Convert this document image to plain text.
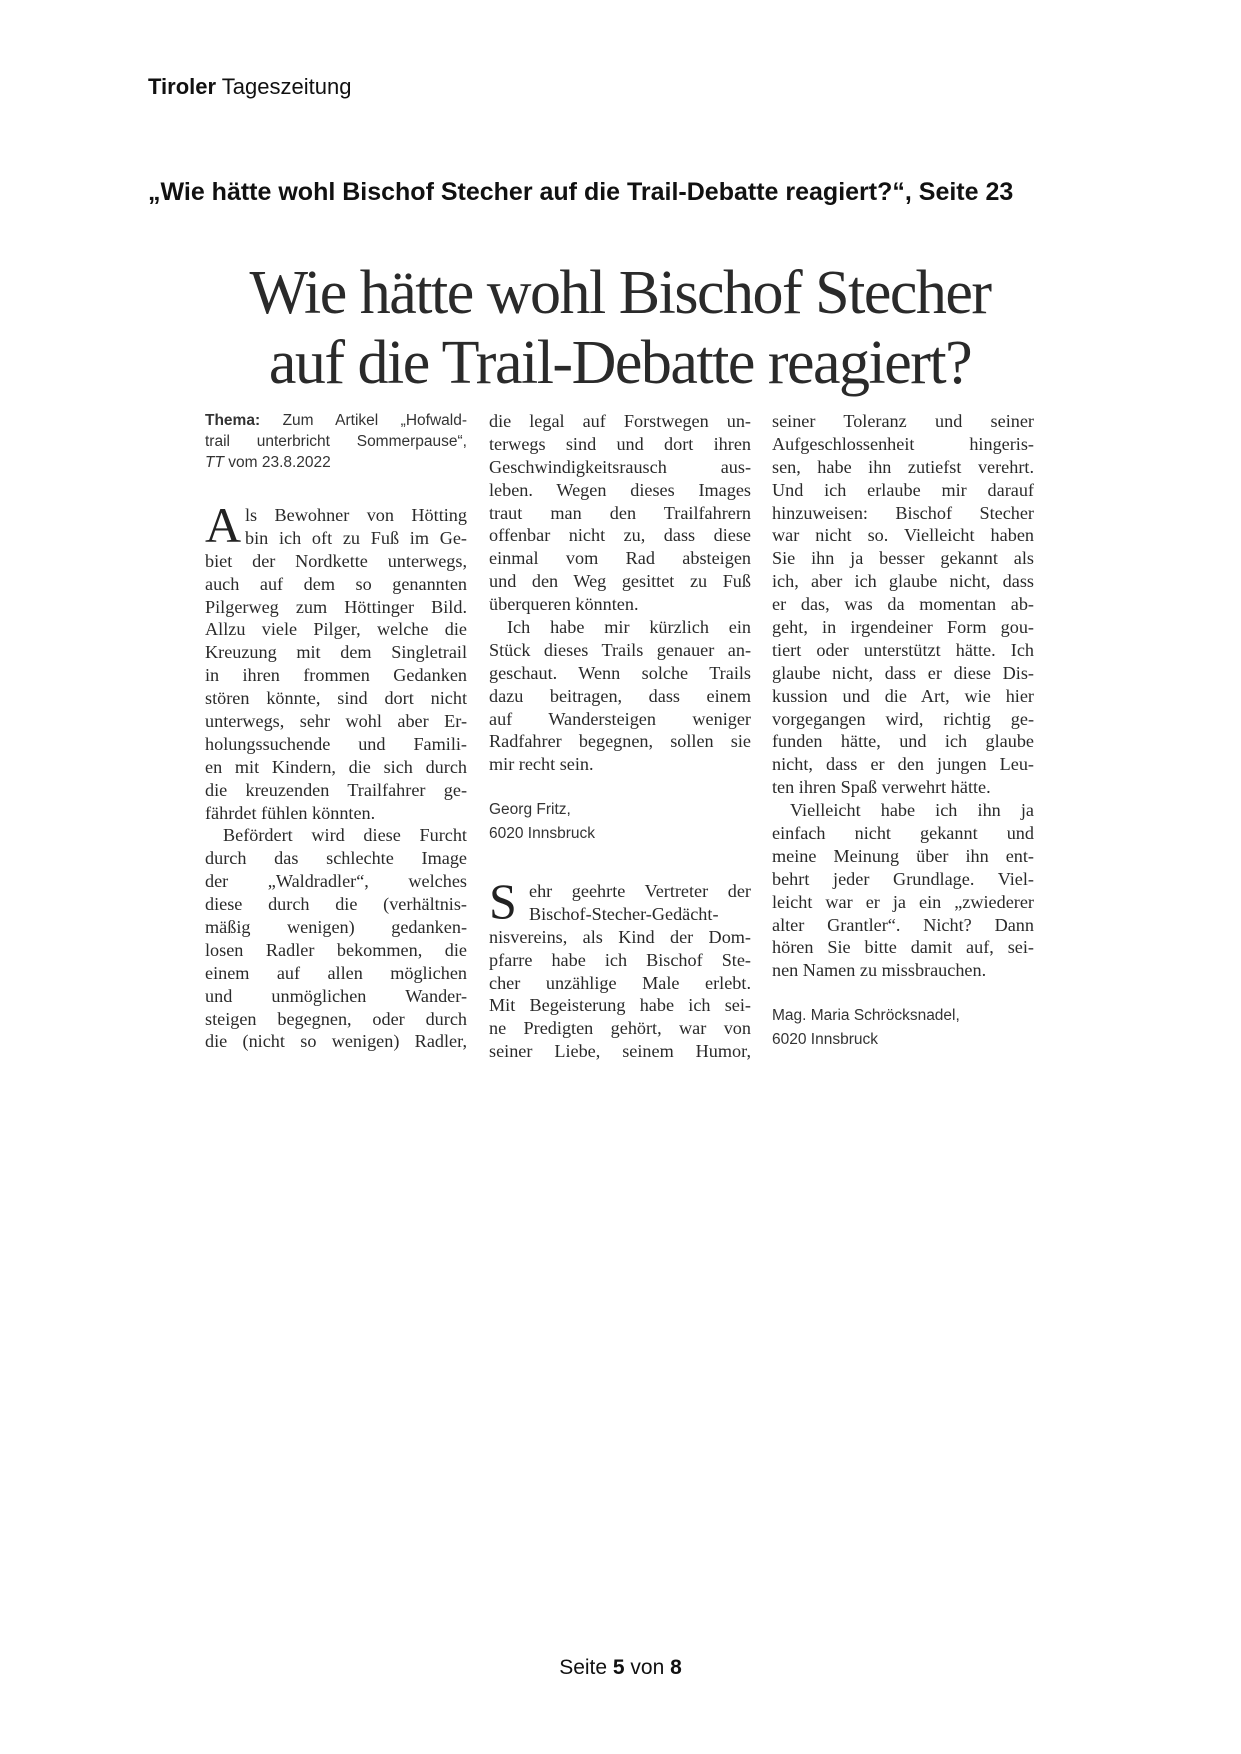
Tiroler Tageszeitung
„Wie hätte wohl Bischof Stecher auf die Trail-Debatte reagiert?“, Seite 23
Wie hätte wohl Bischof Stecher
auf die Trail-Debatte reagiert?
Thema: Zum Artikel „Hofwald-
trail unterbricht Sommerpause“,
TT vom 23.8.2022
A ls Bewohner von Hötting
bin ich oft zu Fuß im Ge-
biet der Nordkette unterwegs,
auch auf dem so genannten
Pilgerweg zum Höttinger Bild.
Allzu viele Pilger, welche die
Kreuzung mit dem Singletrail
in ihren frommen Gedanken
stören könnte, sind dort nicht
unterwegs, sehr wohl aber Er-
holungssuchende und Famili-
en mit Kindern, die sich durch
die kreuzenden Trailfahrer ge-
fährdet fühlen könnten.
Befördert wird diese Furcht
durch das schlechte Image
der „Waldradler“, welches
diese durch die (verhältnis-
mäßig wenigen) gedanken-
losen Radler bekommen, die
einem auf allen möglichen
und unmöglichen Wander-
steigen begegnen, oder durch
die (nicht so wenigen) Radler,
die legal auf Forstwegen un-
terwegs sind und dort ihren
Geschwindigkeitsrausch aus-
leben. Wegen dieses Images
traut man den Trailfahrern
offenbar nicht zu, dass diese
einmal vom Rad absteigen
und den Weg gesittet zu Fuß
überqueren könnten.
Ich habe mir kürzlich ein
Stück dieses Trails genauer an-
geschaut. Wenn solche Trails
dazu beitragen, dass einem
auf Wandersteigen weniger
Radfahrer begegnen, sollen sie
mir recht sein.
Georg Fritz,
6020 Innsbruck
S ehr geehrte Vertreter der
Bischof-Stecher-Gedächt-
nisvereins, als Kind der Dom-
pfarre habe ich Bischof Ste-
cher unzählige Male erlebt.
Mit Begeisterung habe ich sei-
ne Predigten gehört, war von
seiner Liebe, seinem Humor,
seiner Toleranz und seiner
Aufgeschlossenheit hingeris-
sen, habe ihn zutiefst verehrt.
Und ich erlaube mir darauf
hinzuweisen: Bischof Stecher
war nicht so. Vielleicht haben
Sie ihn ja besser gekannt als
ich, aber ich glaube nicht, dass
er das, was da momentan ab-
geht, in irgendeiner Form gou-
tiert oder unterstützt hätte. Ich
glaube nicht, dass er diese Dis-
kussion und die Art, wie hier
vorgegangen wird, richtig ge-
funden hätte, und ich glaube
nicht, dass er den jungen Leu-
ten ihren Spaß verwehrt hätte.
Vielleicht habe ich ihn ja
einfach nicht gekannt und
meine Meinung über ihn ent-
behrt jeder Grundlage. Viel-
leicht war er ja ein „zwiederer
alter Grantler“. Nicht? Dann
hören Sie bitte damit auf, sei-
nen Namen zu missbrauchen.
Mag. Maria Schröcksnadel,
6020 Innsbruck
Seite 5 von 8
